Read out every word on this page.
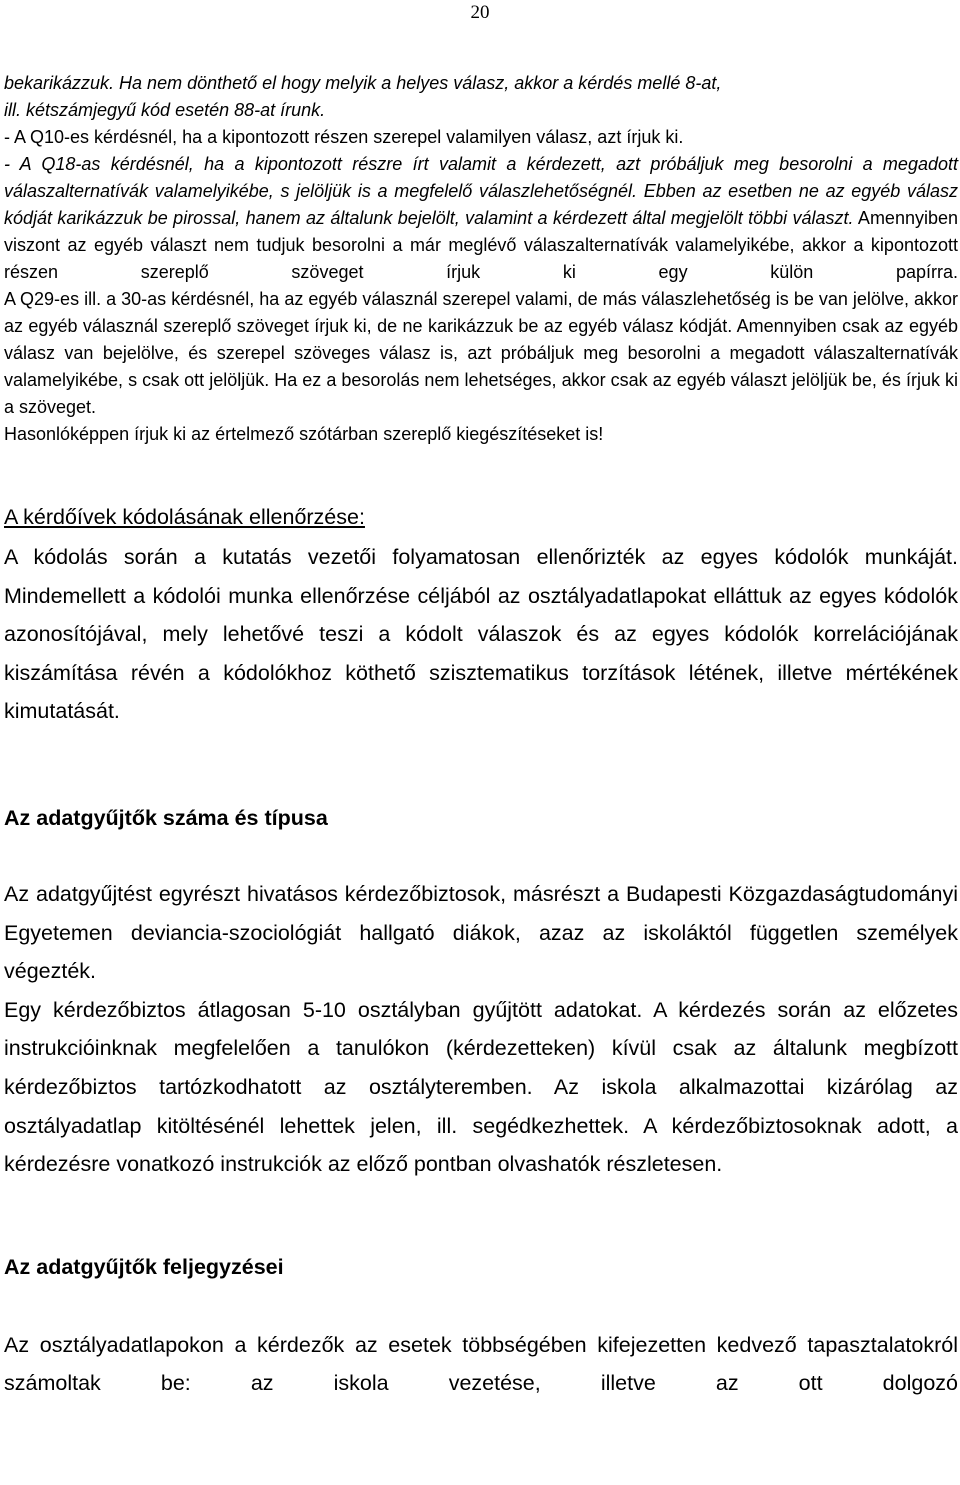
20

bekarikázzuk. Ha nem dönthető el hogy melyik a helyes válasz, akkor a kérdés mellé 8-at,

ill. kétszámjegyű kód esetén 88-at írunk.

- A Q10-es kérdésnél, ha a kipontozott részen szerepel valamilyen válasz, azt írjuk ki.

- A Q18-as kérdésnél, ha a kipontozott részre írt valamit a kérdezett, azt próbáljuk meg besorolni a megadott válaszalternatívák valamelyikébe, s jelöljük is a megfelelő válaszlehetőségnél. Ebben az esetben ne az egyéb válasz kódját karikázzuk be pirossal, hanem az általunk bejelölt, valamint a kérdezett által megjelölt többi választ. Amennyiben viszont az egyéb választ nem tudjuk besorolni a már meglévő válaszalternatívák valamelyikébe, akkor a kipontozott részen szereplő szöveget írjuk ki egy külön papírra.

A Q29-es ill. a 30-as kérdésnél, ha az egyéb válasznál szerepel valami, de más válaszlehetőség is be van jelölve, akkor az egyéb válasznál szereplő szöveget írjuk ki, de ne karikázzuk be az egyéb válasz kódját. Amennyiben csak az egyéb válasz van bejelölve, és szerepel szöveges válasz is, azt próbáljuk meg besorolni a megadott válaszalternatívák valamelyikébe, s csak ott jelöljük. Ha ez a besorolás nem lehetséges, akkor csak az egyéb választ jelöljük be, és írjuk ki a szöveget.

Hasonlóképpen írjuk ki az értelmező szótárban szereplő kiegészítéseket is!

A kérdőívek kódolásának ellenőrzése:

A kódolás során a kutatás vezetői folyamatosan ellenőrizték az egyes kódolók munkáját. Mindemellett a kódolói munka ellenőrzése céljából az osztályadatlapokat elláttuk az egyes kódolók azonosítójával, mely lehetővé teszi a kódolt válaszok és az egyes kódolók korrelációjának kiszámítása révén a kódolókhoz köthető szisztematikus torzítások létének, illetve mértékének kimutatását.

Az adatgyűjtők száma és típusa

Az adatgyűjtést egyrészt hivatásos kérdezőbiztosok, másrészt a Budapesti Közgazdaságtudományi Egyetemen deviancia-szociológiát hallgató diákok, azaz az iskoláktól független személyek végezték.

Egy kérdezőbiztos átlagosan 5-10 osztályban gyűjtött adatokat. A kérdezés során az előzetes instrukcióinknak megfelelően a tanulókon (kérdezetteken) kívül csak az általunk megbízott kérdezőbiztos tartózkodhatott az osztályteremben. Az iskola alkalmazottai kizárólag az osztályadatlap kitöltésénél lehettek jelen, ill. segédkezhettek. A kérdezőbiztosoknak adott, a kérdezésre vonatkozó instrukciók az előző pontban olvashatók részletesen.

Az adatgyűjtők feljegyzései

Az osztályadatlapokon a kérdezők az esetek többségében kifejezetten kedvező tapasztalatokról számoltak be: az iskola vezetése, illetve az ott dolgozó
